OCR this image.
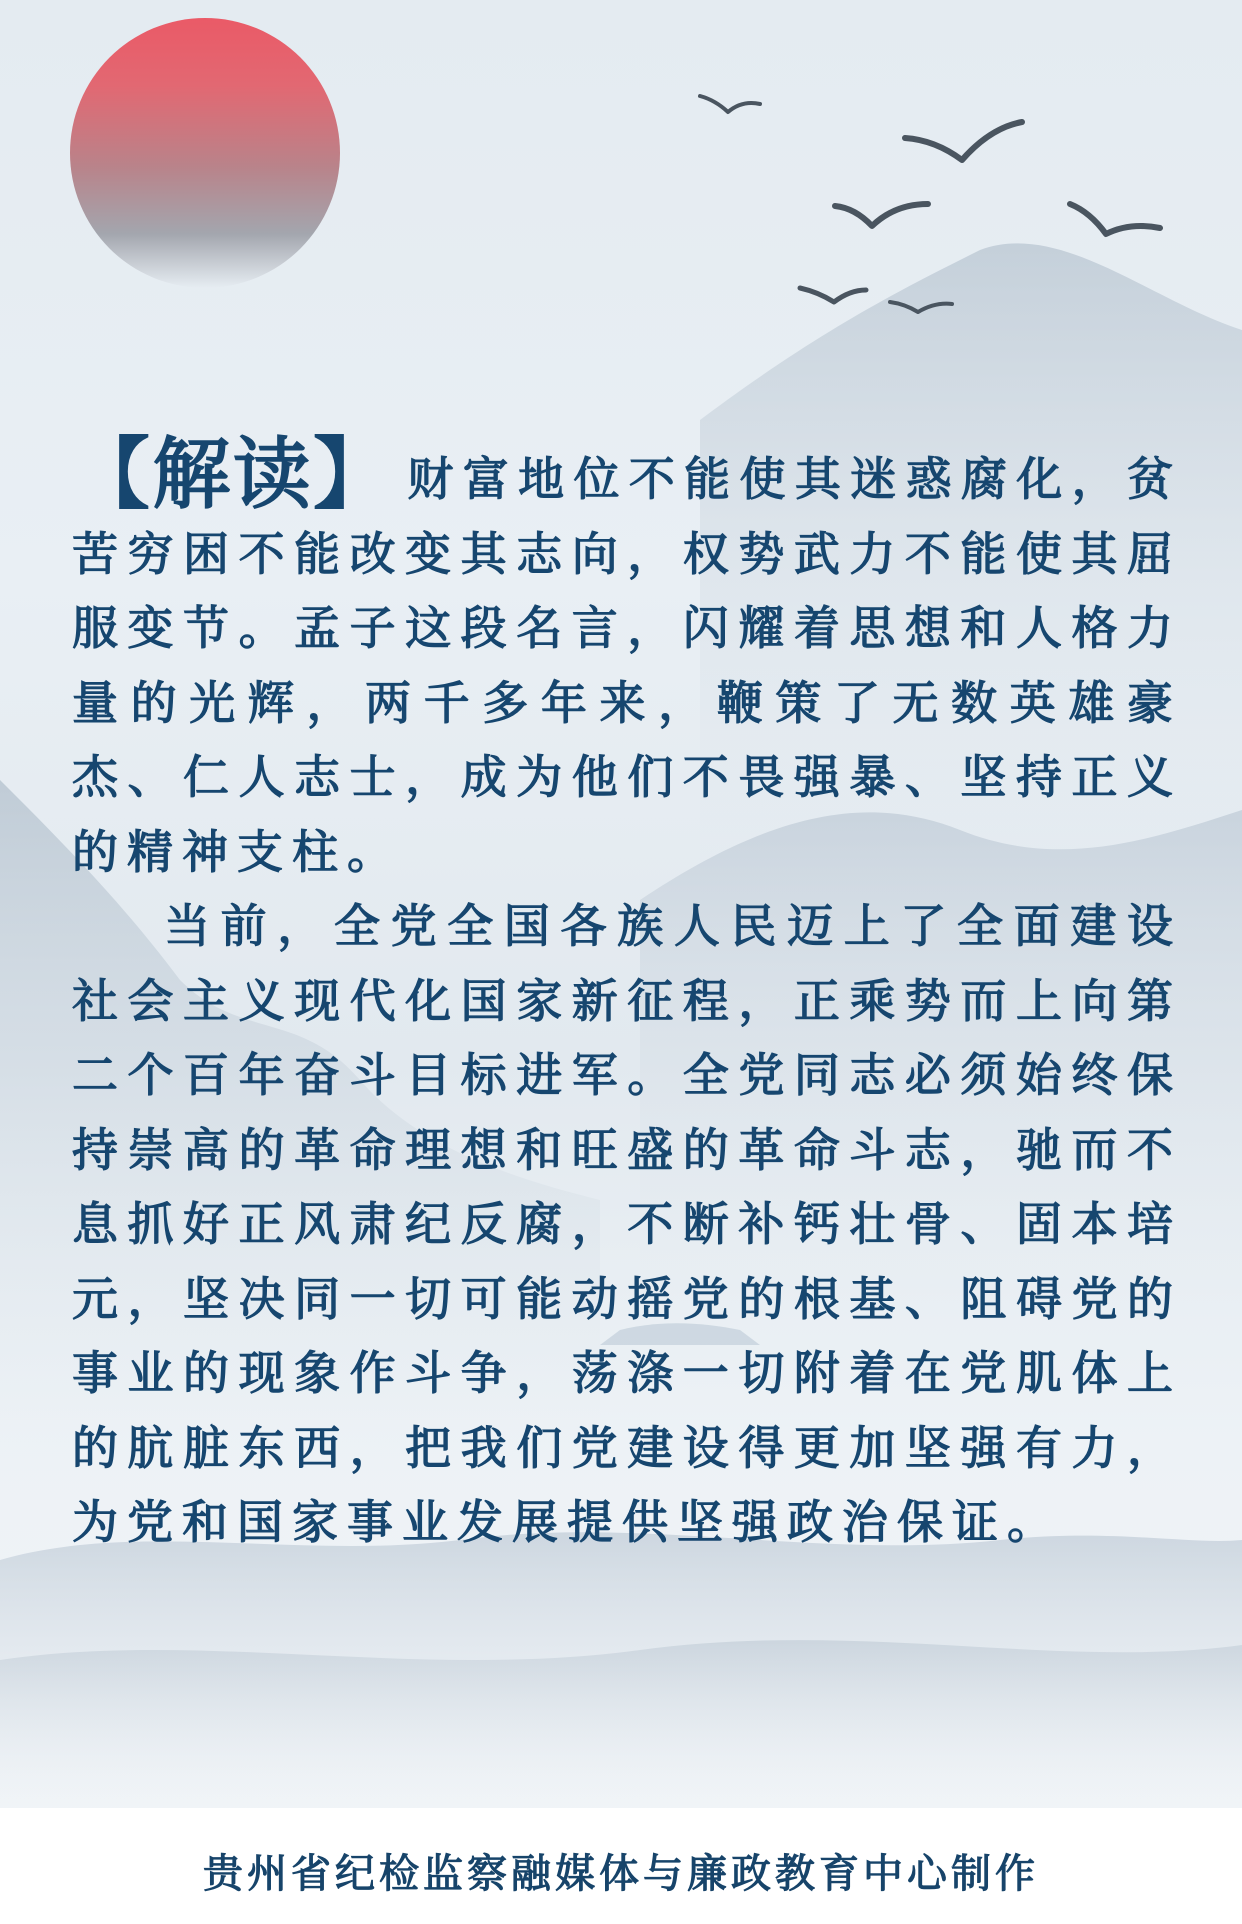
【解读】 财富地位不能使其迷惑腐化，贫苦穷困不能改变其志向，权势武力不能使其屈服变节。孟子这段名言，闪耀着思想和人格力量的光辉，两千多年来，鞭策了无数英雄豪杰、仁人志士，成为他们不畏强暴、坚持正义的精神支柱。

当前，全党全国各族人民迈上了全面建设社会主义现代化国家新征程，正乘势而上向第二个百年奋斗目标进军。全党同志必须始终保持崇高的革命理想和旺盛的革命斗志，驰而不息抓好正风肃纪反腐，不断补钙壮骨、固本培元，坚决同一切可能动摇党的根基、阻碍党的事业的现象作斗争，荡涤一切附着在党肌体上的肮脏东西，把我们党建设得更加坚强有力，为党和国家事业发展提供坚强政治保证。

贵州省纪检监察融媒体与廉政教育中心制作
